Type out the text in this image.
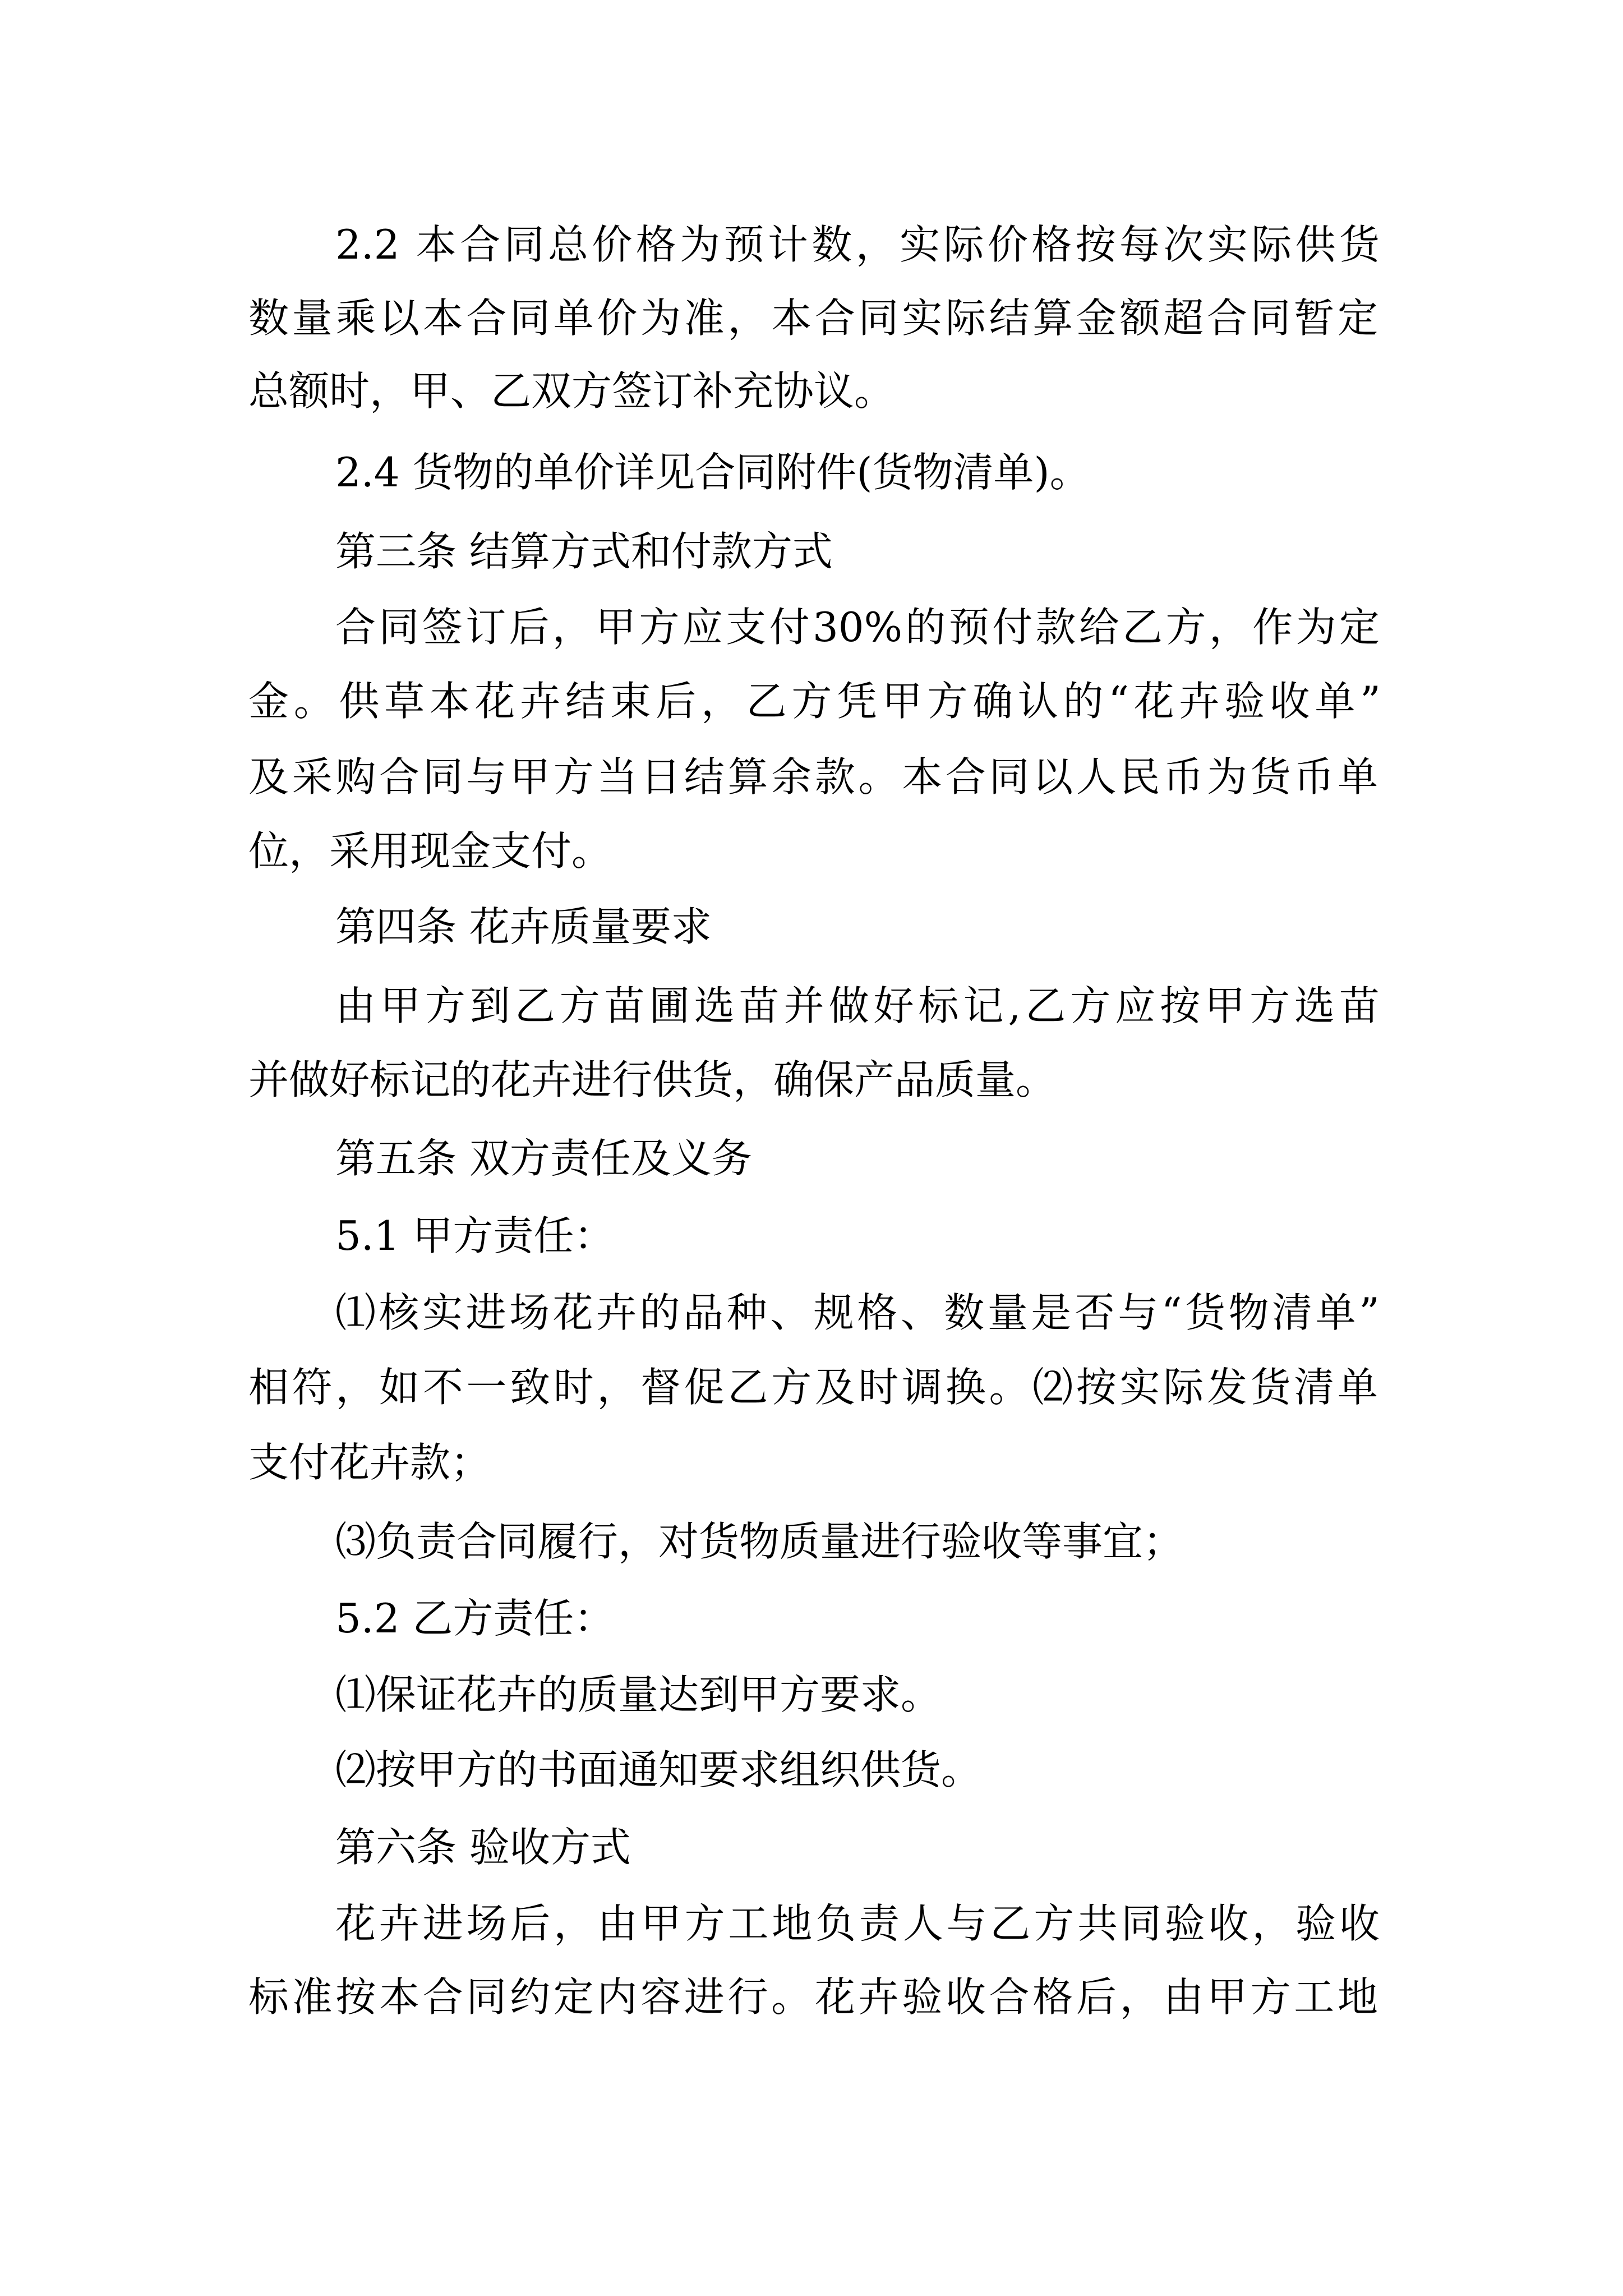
2.2 本合同总价格为预计数，实际价格按每次实际供货
数量乘以本合同单价为准，本合同实际结算金额超合同暂定
总额时，甲、乙双方签订补充协议。
2.4 货物的单价详见合同附件(货物清单)。
第三条 结算方式和付款方式
合同签订后，甲方应支付30%的预付款给乙方，作为定
金。供草本花卉结束后，乙方凭甲方确认的“花卉验收单”
及采购合同与甲方当日结算余款。本合同以人民币为货币单
位，采用现金支付。
第四条 花卉质量要求
由甲方到乙方苗圃选苗并做好标记,乙方应按甲方选苗
并做好标记的花卉进行供货，确保产品质量。
第五条 双方责任及义务
5.1 甲方责任：
⑴核实进场花卉的品种、规格、数量是否与“货物清单”
相符，如不一致时，督促乙方及时调换。⑵按实际发货清单
支付花卉款；
⑶负责合同履行，对货物质量进行验收等事宜；
5.2 乙方责任：
⑴保证花卉的质量达到甲方要求。
⑵按甲方的书面通知要求组织供货。
第六条 验收方式
花卉进场后，由甲方工地负责人与乙方共同验收，验收
标准按本合同约定内容进行。花卉验收合格后，由甲方工地
